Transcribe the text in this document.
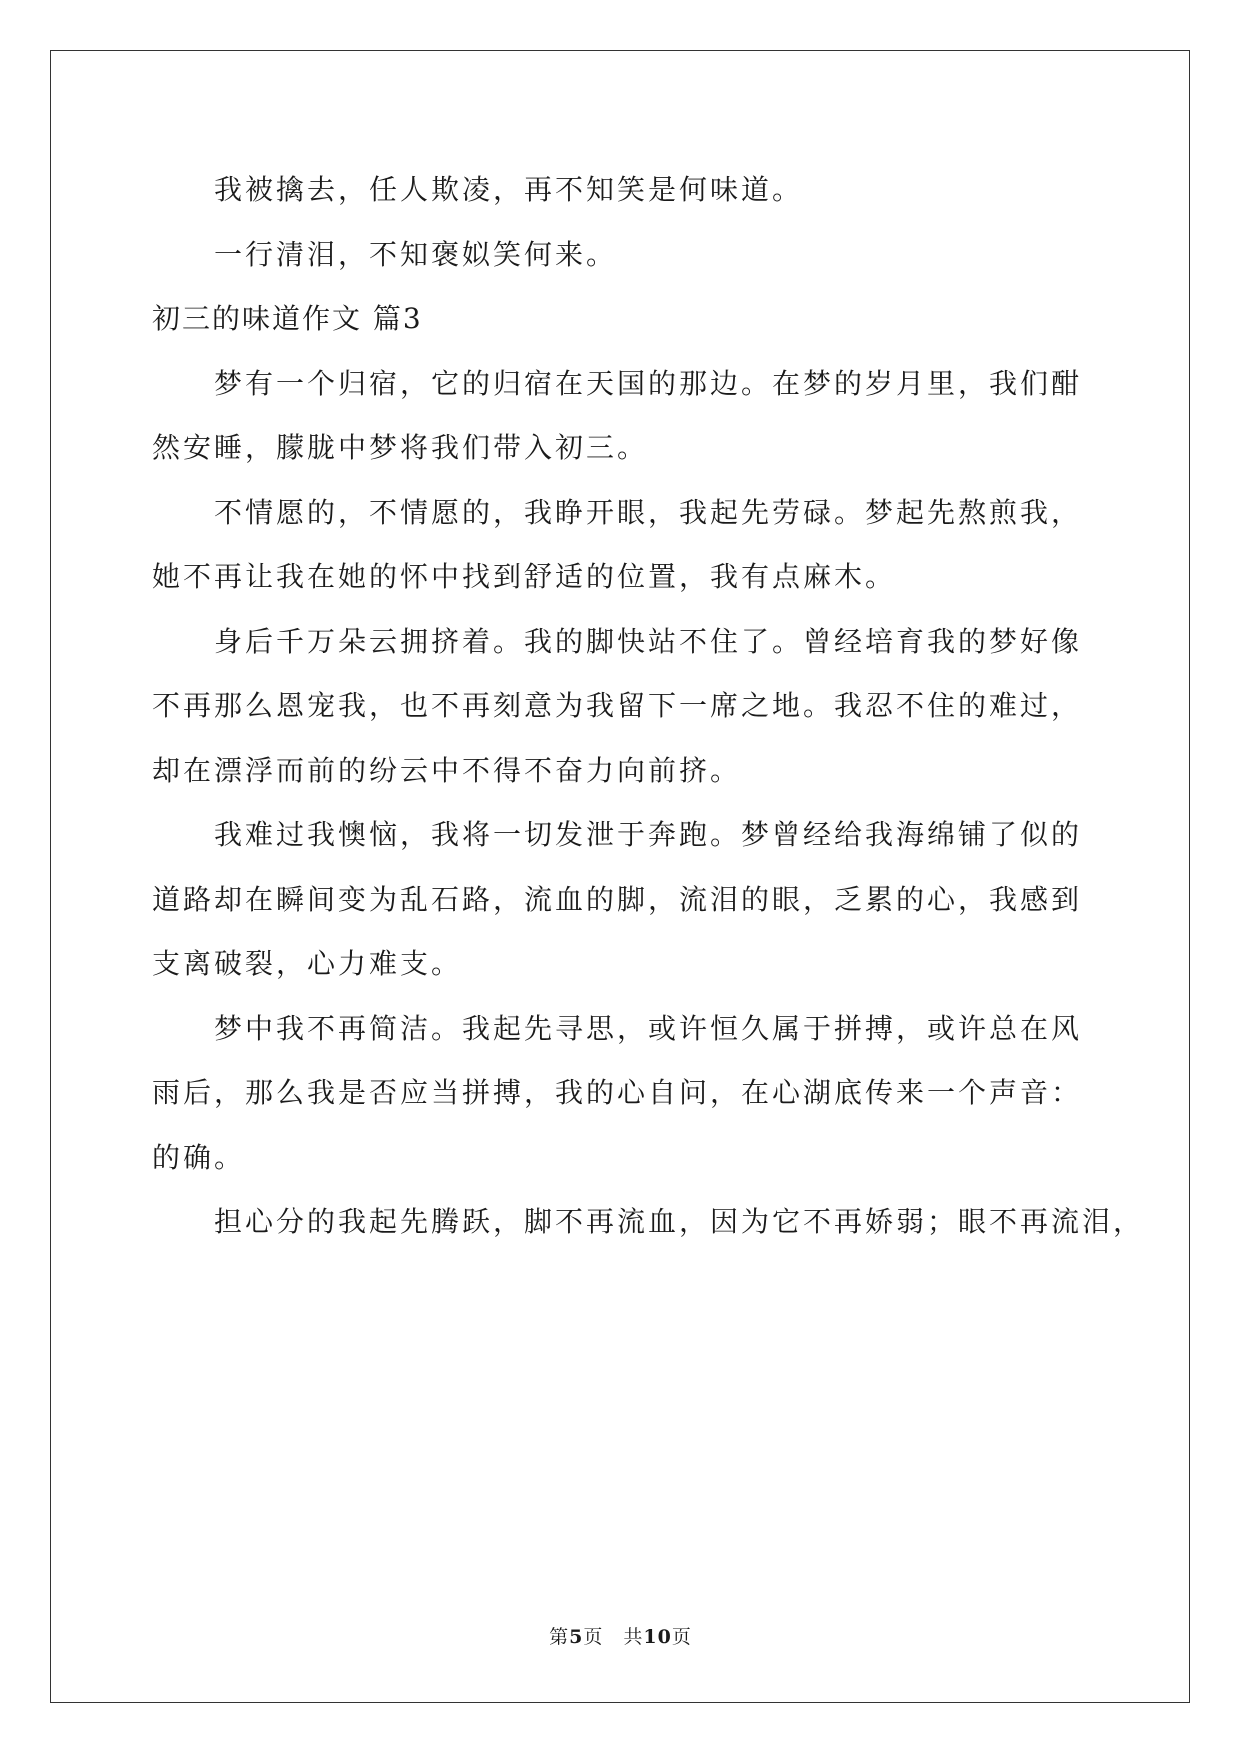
我被擒去，任人欺凌，再不知笑是何味道。
一行清泪，不知褒姒笑何来。
初三的味道作文 篇3
梦有一个归宿，它的归宿在天国的那边。在梦的岁月里，我们酣
然安睡，朦胧中梦将我们带入初三。
不情愿的，不情愿的，我睁开眼，我起先劳碌。梦起先熬煎我，
她不再让我在她的怀中找到舒适的位置，我有点麻木。
身后千万朵云拥挤着。我的脚快站不住了。曾经培育我的梦好像
不再那么恩宠我，也不再刻意为我留下一席之地。我忍不住的难过，
却在漂浮而前的纷云中不得不奋力向前挤。
我难过我懊恼，我将一切发泄于奔跑。梦曾经给我海绵铺了似的
道路却在瞬间变为乱石路，流血的脚，流泪的眼，乏累的心，我感到
支离破裂，心力难支。
梦中我不再简洁。我起先寻思，或许恒久属于拼搏，或许总在风
雨后，那么我是否应当拼搏，我的心自问，在心湖底传来一个声音：
的确。
担心分的我起先腾跃，脚不再流血，因为它不再娇弱；眼不再流泪，
第5页 共10页
